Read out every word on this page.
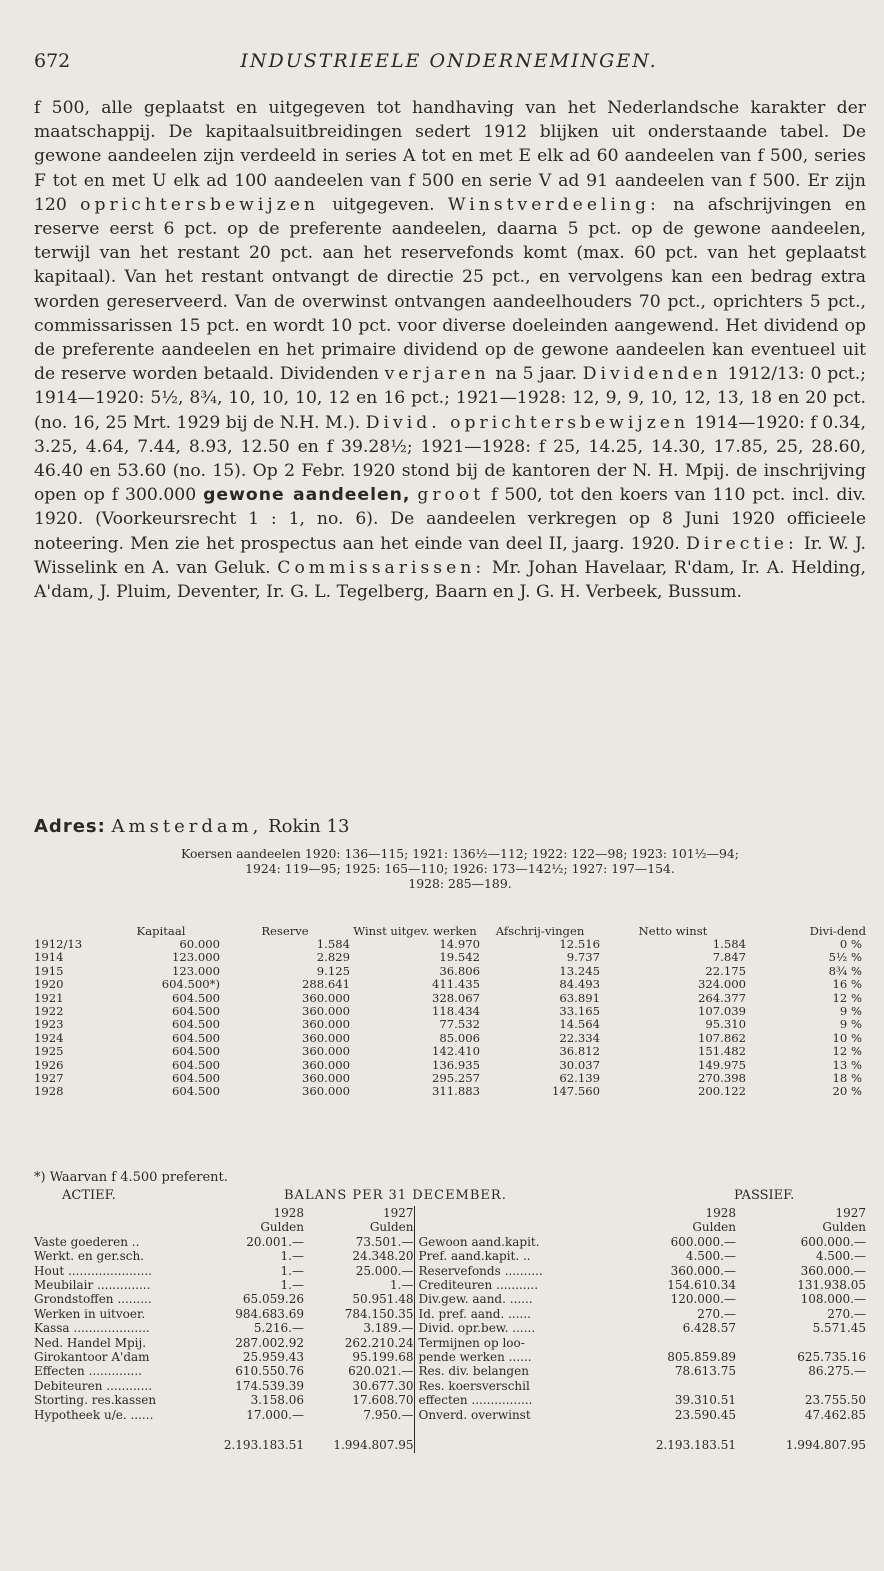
672	INDUSTRIEELE ONDERNEMINGEN.

f 500, alle geplaatst en uitgegeven tot handhaving van het Nederlandsche karakter der maatschappij. De kapitaalsuitbreidingen sedert 1912 blijken uit onderstaande tabel. De gewone aandeelen zijn verdeeld in series A tot en met E elk ad 60 aandeelen van f 500, series F tot en met U elk ad 100 aandeelen van f 500 en serie V ad 91 aandeelen van f 500. Er zijn 120 oprichtersbewijzen uitgegeven. Winstverdeeling: na afschrijvingen en reserve eerst 6 pct. op de preferente aandeelen, daarna 5 pct. op de gewone aandeelen, terwijl van het restant 20 pct. aan het reservefonds komt (max. 60 pct. van het geplaatst kapitaal). Van het restant ontvangt de directie 25 pct., en vervolgens kan een bedrag extra worden gereserveerd. Van de overwinst ontvangen aandeelhouders 70 pct., oprichters 5 pct., commissarissen 15 pct. en wordt 10 pct. voor diverse doeleinden aangewend. Het dividend op de preferente aandeelen en het primaire dividend op de gewone aandeelen kan eventueel uit de reserve worden betaald. Dividenden verjaren na 5 jaar. Dividenden 1912/13: 0 pct.; 1914—1920: 5½, 8¾, 10, 10, 10, 12 en 16 pct.; 1921—1928: 12, 9, 9, 10, 12, 13, 18 en 20 pct. (no. 16, 25 Mrt. 1929 bij de N.H. M.). Divid. oprichtersbewijzen 1914—1920: f 0.34, 3.25, 4.64, 7.44, 8.93, 12.50 en f 39.28½; 1921—1928: f 25, 14.25, 14.30, 17.85, 25, 28.60, 46.40 en 53.60 (no. 15). Op 2 Febr. 1920 stond bij de kantoren der N. H. Mpij. de inschrijving open op f 300.000 gewone aandeelen, groot f 500, tot den koers van 110 pct. incl. div. 1920. (Voorkeursrecht 1 : 1, no. 6). De aandeelen verkregen op 8 Juni 1920 officieele noteering. Men zie het prospectus aan het einde van deel II, jaarg. 1920. Directie: Ir. W. J. Wisselink en A. van Geluk. Commissarissen: Mr. Johan Havelaar, R'dam, Ir. A. Helding, A'dam, J. Pluim, Deventer, Ir. G. L. Tegelberg, Baarn en J. G. H. Verbeek, Bussum.

Adres: Amsterdam, Rokin 13
Koersen aandeelen 1920: 136—115; 1921: 136½—112; 1922: 122—98; 1923: 101½—94;
1924: 119—95; 1925: 165—110; 1926: 173—142½; 1927: 197—154.
1928: 285—189.
	Kapitaal	Reserve	Winst uitgev. werken	Afschrij-vingen	Netto winst	Divi-dend
1912/13	60.000	1.584	14.970	12.516	1.584	0 %
1914	123.000	2.829	19.542	9.737	7.847	5½ %
1915	123.000	9.125	36.806	13.245	22.175	8¾ %
1920	604.500*)	288.641	411.435	84.493	324.000	16 %
1921	604.500	360.000	328.067	63.891	264.377	12 %
1922	604.500	360.000	118.434	33.165	107.039	9 %
1923	604.500	360.000	77.532	14.564	95.310	9 %
1924	604.500	360.000	85.006	22.334	107.862	10 %
1925	604.500	360.000	142.410	36.812	151.482	12 %
1926	604.500	360.000	136.935	30.037	149.975	13 %
1927	604.500	360.000	295.257	62.139	270.398	18 %
1928	604.500	360.000	311.883	147.560	200.122	20 %
*) Waarvan f 4.500 preferent.
ACTIEF.	BALANS PER 31 DECEMBER.	PASSIEF.
	1928	1927		1928	1927
	Gulden	Gulden		Gulden	Gulden
Vaste goederen ..	20.001.—	73.501.—	Gewoon aand.kapit.	600.000.—	600.000.—
Werkt. en ger.sch.	1.—	24.348.20	Pref. aand.kapit. ..	4.500.—	4.500.—
Hout ......................	1.—	25.000.—	Reservefonds ..........	360.000.—	360.000.—
Meubilair ..............	1.—	1.—	Crediteuren ...........	154.610.34	131.938.05
Grondstoffen .........	65.059.26	50.951.48	Div.gew. aand. ......	120.000.—	108.000.—
Werken in uitvoer.	984.683.69	784.150.35	Id. pref. aand. ......	270.—	270.—
Kassa ....................	5.216.—	3.189.—	Divid. opr.bew. ......	6.428.57	5.571.45
Ned. Handel Mpij.	287.002.92	262.210.24	Termijnen op loo-		
Girokantoor A'dam	25.959.43	95.199.68	pende werken ......	805.859.89	625.735.16
Effecten ..............	610.550.76	620.021.—	Res. div. belangen	78.613.75	86.275.—
Debiteuren ............	174.539.39	30.677.30	Res. koersverschil		
Storting. res.kassen	3.158.06	17.608.70	effecten ................	39.310.51	23.755.50
Hypotheek u/e. ......	17.000.—	7.950.—	Onverd. overwinst	23.590.45	47.462.85
	2.193.183.51	1.994.807.95		2.193.183.51	1.994.807.95
